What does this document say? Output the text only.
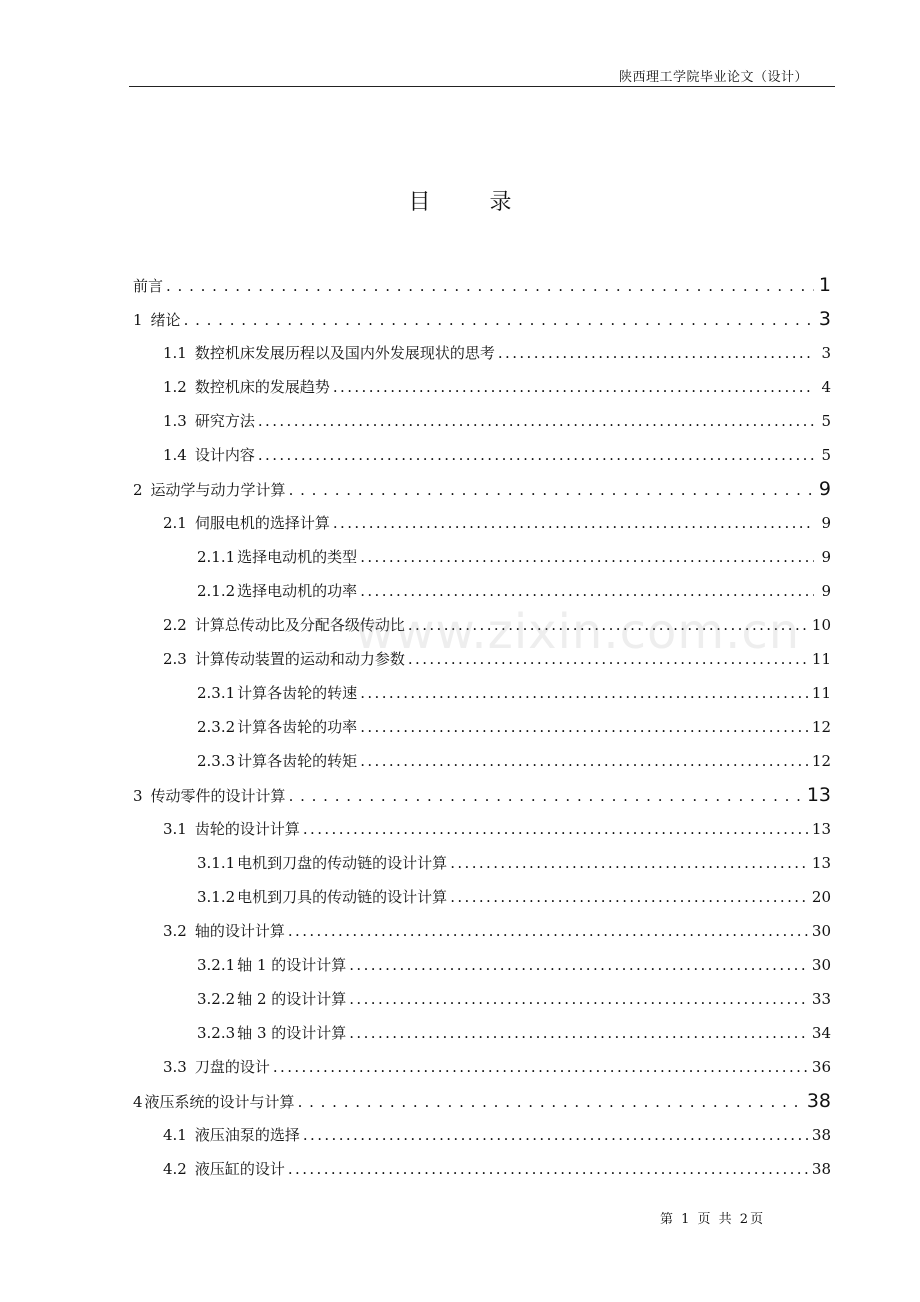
陕西理工学院毕业论文（设计）
目 录
前言 . . .	1
1 绪论 . . .	3
1.1 数控机床发展历程以及国内外发展现状的思考 .....	3
1.2 数控机床的发展趋势 .....	4
1.3 研究方法 .....	5
1.4 设计内容 .....	5
2 运动学与动力学计算 . . .	9
2.1 伺服电机的选择计算 .....	9
2.1.1 选择电动机的类型 .....	9
2.1.2 选择电动机的功率 .....	9
2.2 计算总传动比及分配各级传动比 .....	10
2.3 计算传动装置的运动和动力参数 .....	11
2.3.1 计算各齿轮的转速 .....	11
2.3.2 计算各齿轮的功率 .....	12
2.3.3 计算各齿轮的转矩 .....	12
3 传动零件的设计计算 . . .	13
3.1 齿轮的设计计算 .....	13
3.1.1 电机到刀盘的传动链的设计计算 .....	13
3.1.2 电机到刀具的传动链的设计计算 .....	20
3.2 轴的设计计算 .....	30
3.2.1 轴 1 的设计计算 .....	30
3.2.2 轴 2 的设计计算 .....	33
3.2.3 轴 3 的设计计算 .....	34
3.3 刀盘的设计 .....	36
4 液压系统的设计与计算 . . .	38
4.1 液压油泵的选择 .....	38
4.2 液压缸的设计 .....	38
www.zixin.com.cn
第 1 页 共 2页
